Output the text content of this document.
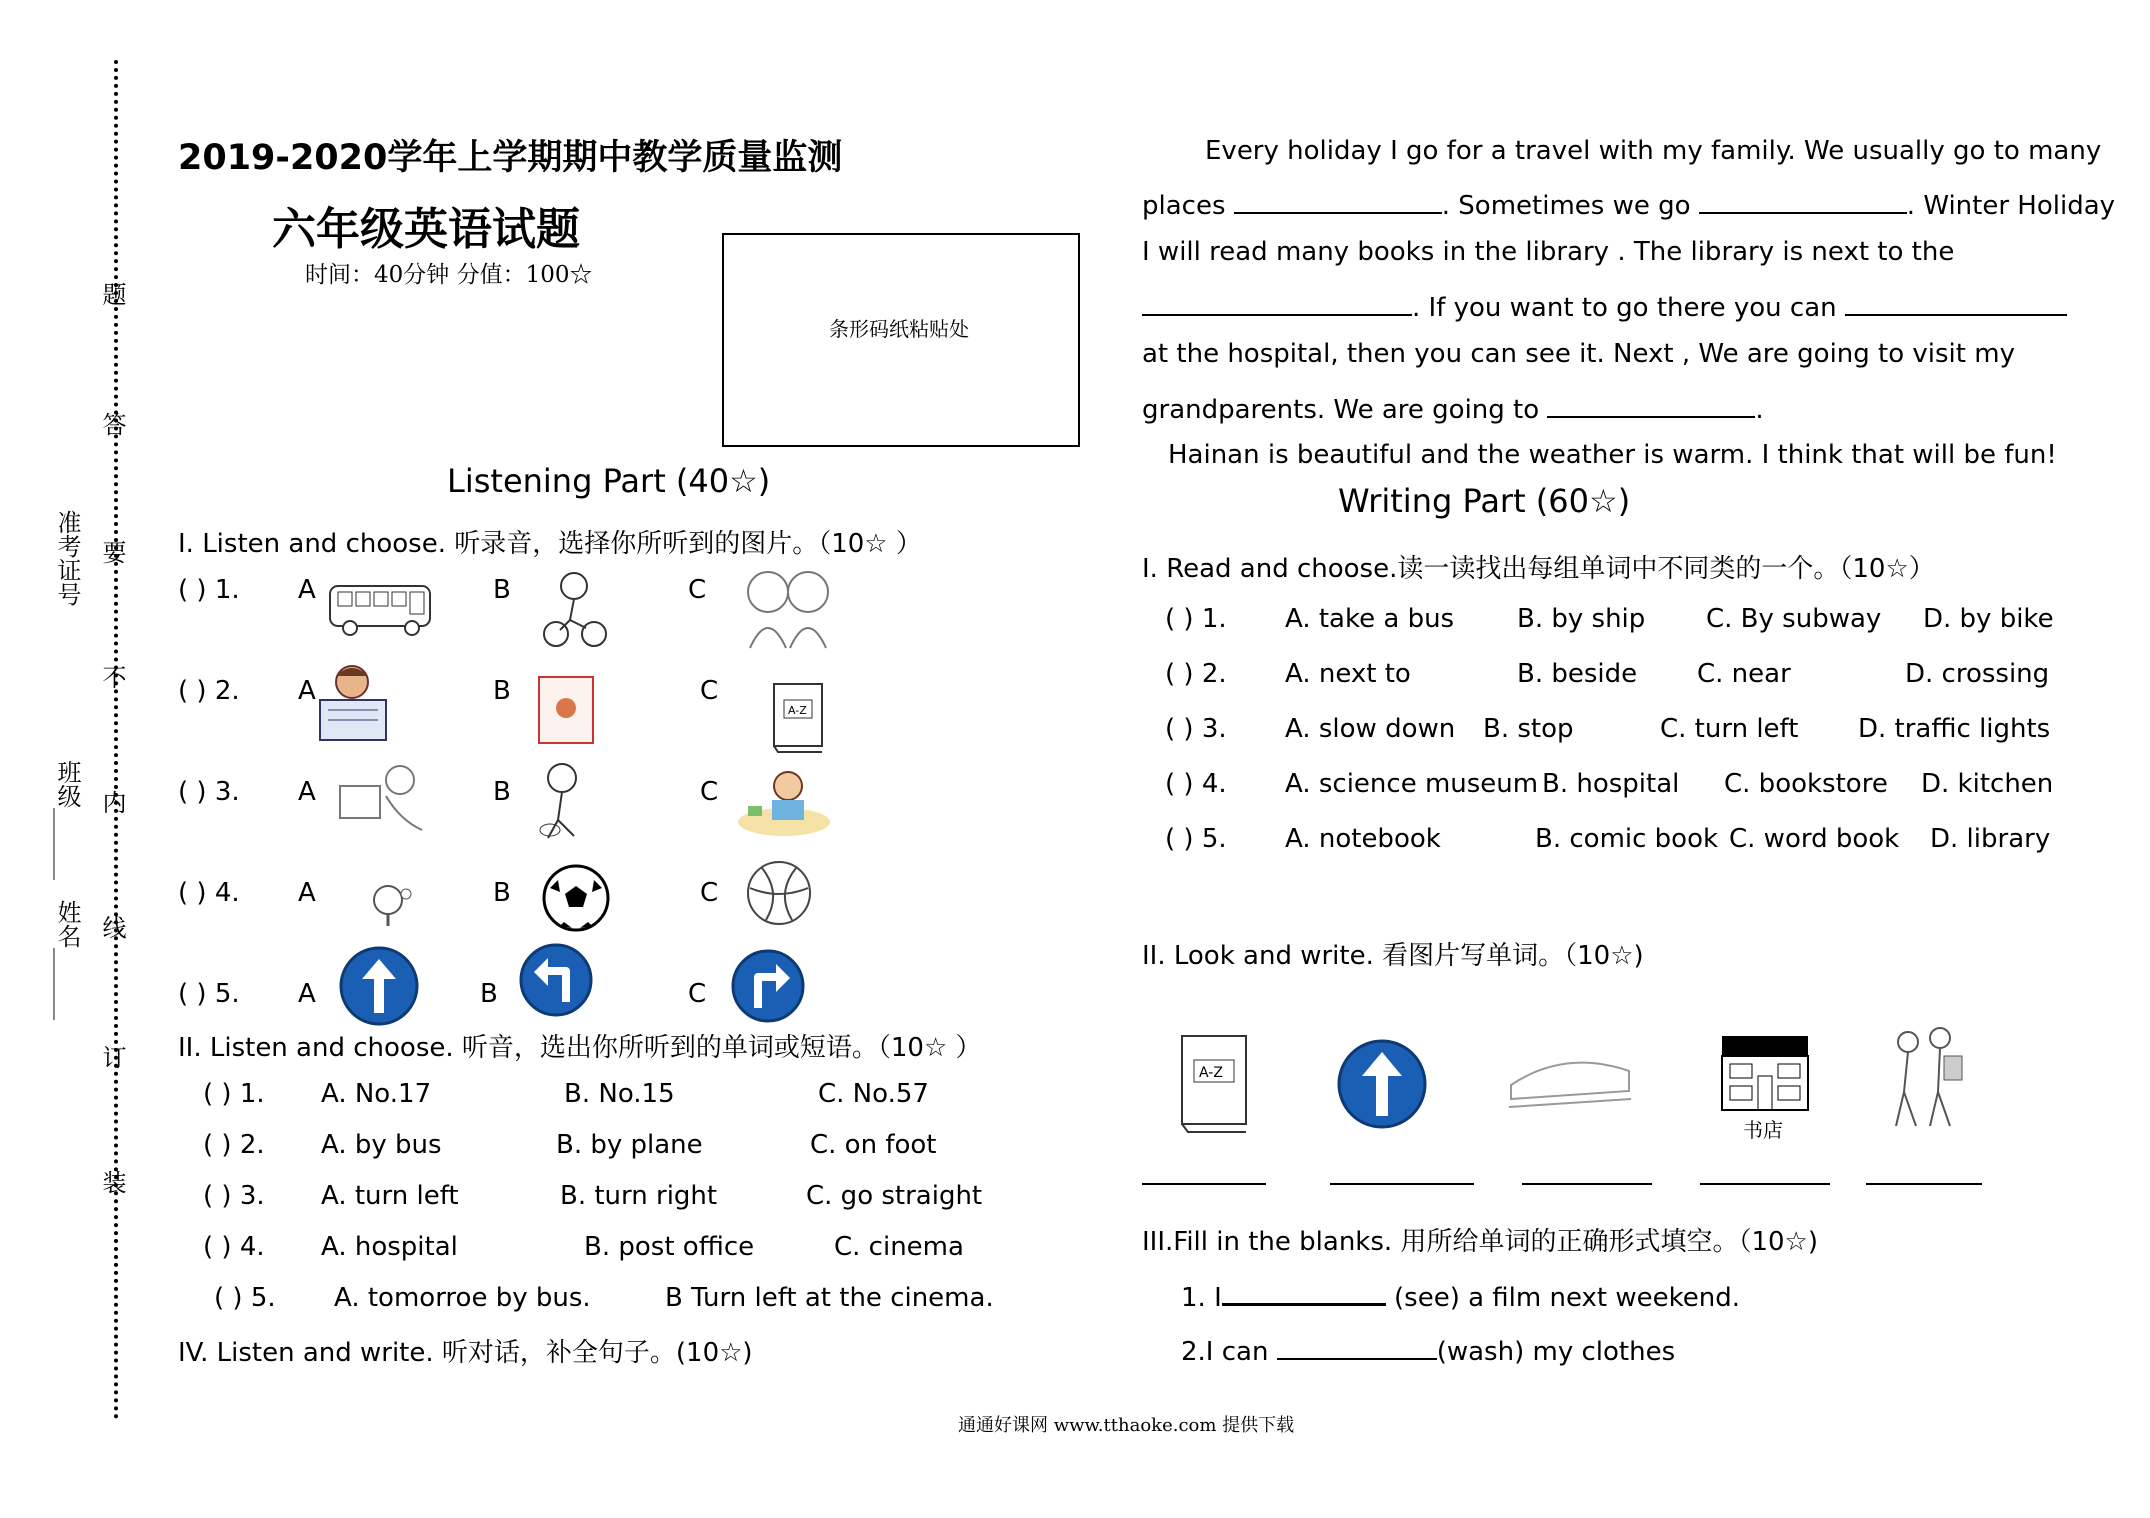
题
答
要
不
内
线
订
装
准考证号
班级______
姓名______
2019-2020学年上学期期中教学质量监测
六年级英语试题
时间：40分钟 分值：100☆
条形码纸粘贴处
Listening Part (40☆)
I. Listen and choose. 听录音，选择你所听到的图片。（10☆ ）
( ) 1. A	B	C
( ) 2. A	B	C
( ) 3. A	B	C
( ) 4. A	B	C
( ) 5. A	B	C
A-Z
II. Listen and choose. 听音，选出你所听到的单词或短语。（10☆ ）
( ) 1. A. No.17	B. No.15	C. No.57
( ) 2. A. by bus	B. by plane	C. on foot
( ) 3. A. turn left	B. turn right	C. go straight
( ) 4. A. hospital	B. post office	C. cinema
( ) 5. A. tomorroe by bus.	B Turn left at the cinema.
IV. Listen and write. 听对话，补全句子。(10☆)
Every holiday I go for a travel with my family. We usually go to many
places	. Sometimes we go	. Winter Holiday
I will read many books in the library . The library is next to the
. If you want to go there you can
at the hospital, then you can see it. Next , We are going to visit my
grandparents. We are going to	.
Hainan is beautiful and the weather is warm. I think that will be fun!
Writing Part (60☆)
I. Read and choose.读一读找出每组单词中不同类的一个。（10☆）
( ) 1. A. take a bus B. by ship C. By subway D. by bike
( ) 2. A. next to	B. beside C. near	D. crossing
( ) 3. A. slow down B. stop	C. turn left D. traffic lights
( ) 4. A. science museum B. hospital C. bookstore D. kitchen
( ) 5. A. notebook	B. comic book C. word book D. library
II. Look and write. 看图片写单词。（10☆)
A-Z
书店
III.Fill in the blanks. 用所给单词的正确形式填空。（10☆)
1. I	(see) a film next weekend.
2.I can	(wash) my clothes
通通好课网 www.tthaoke.com 提供下载
